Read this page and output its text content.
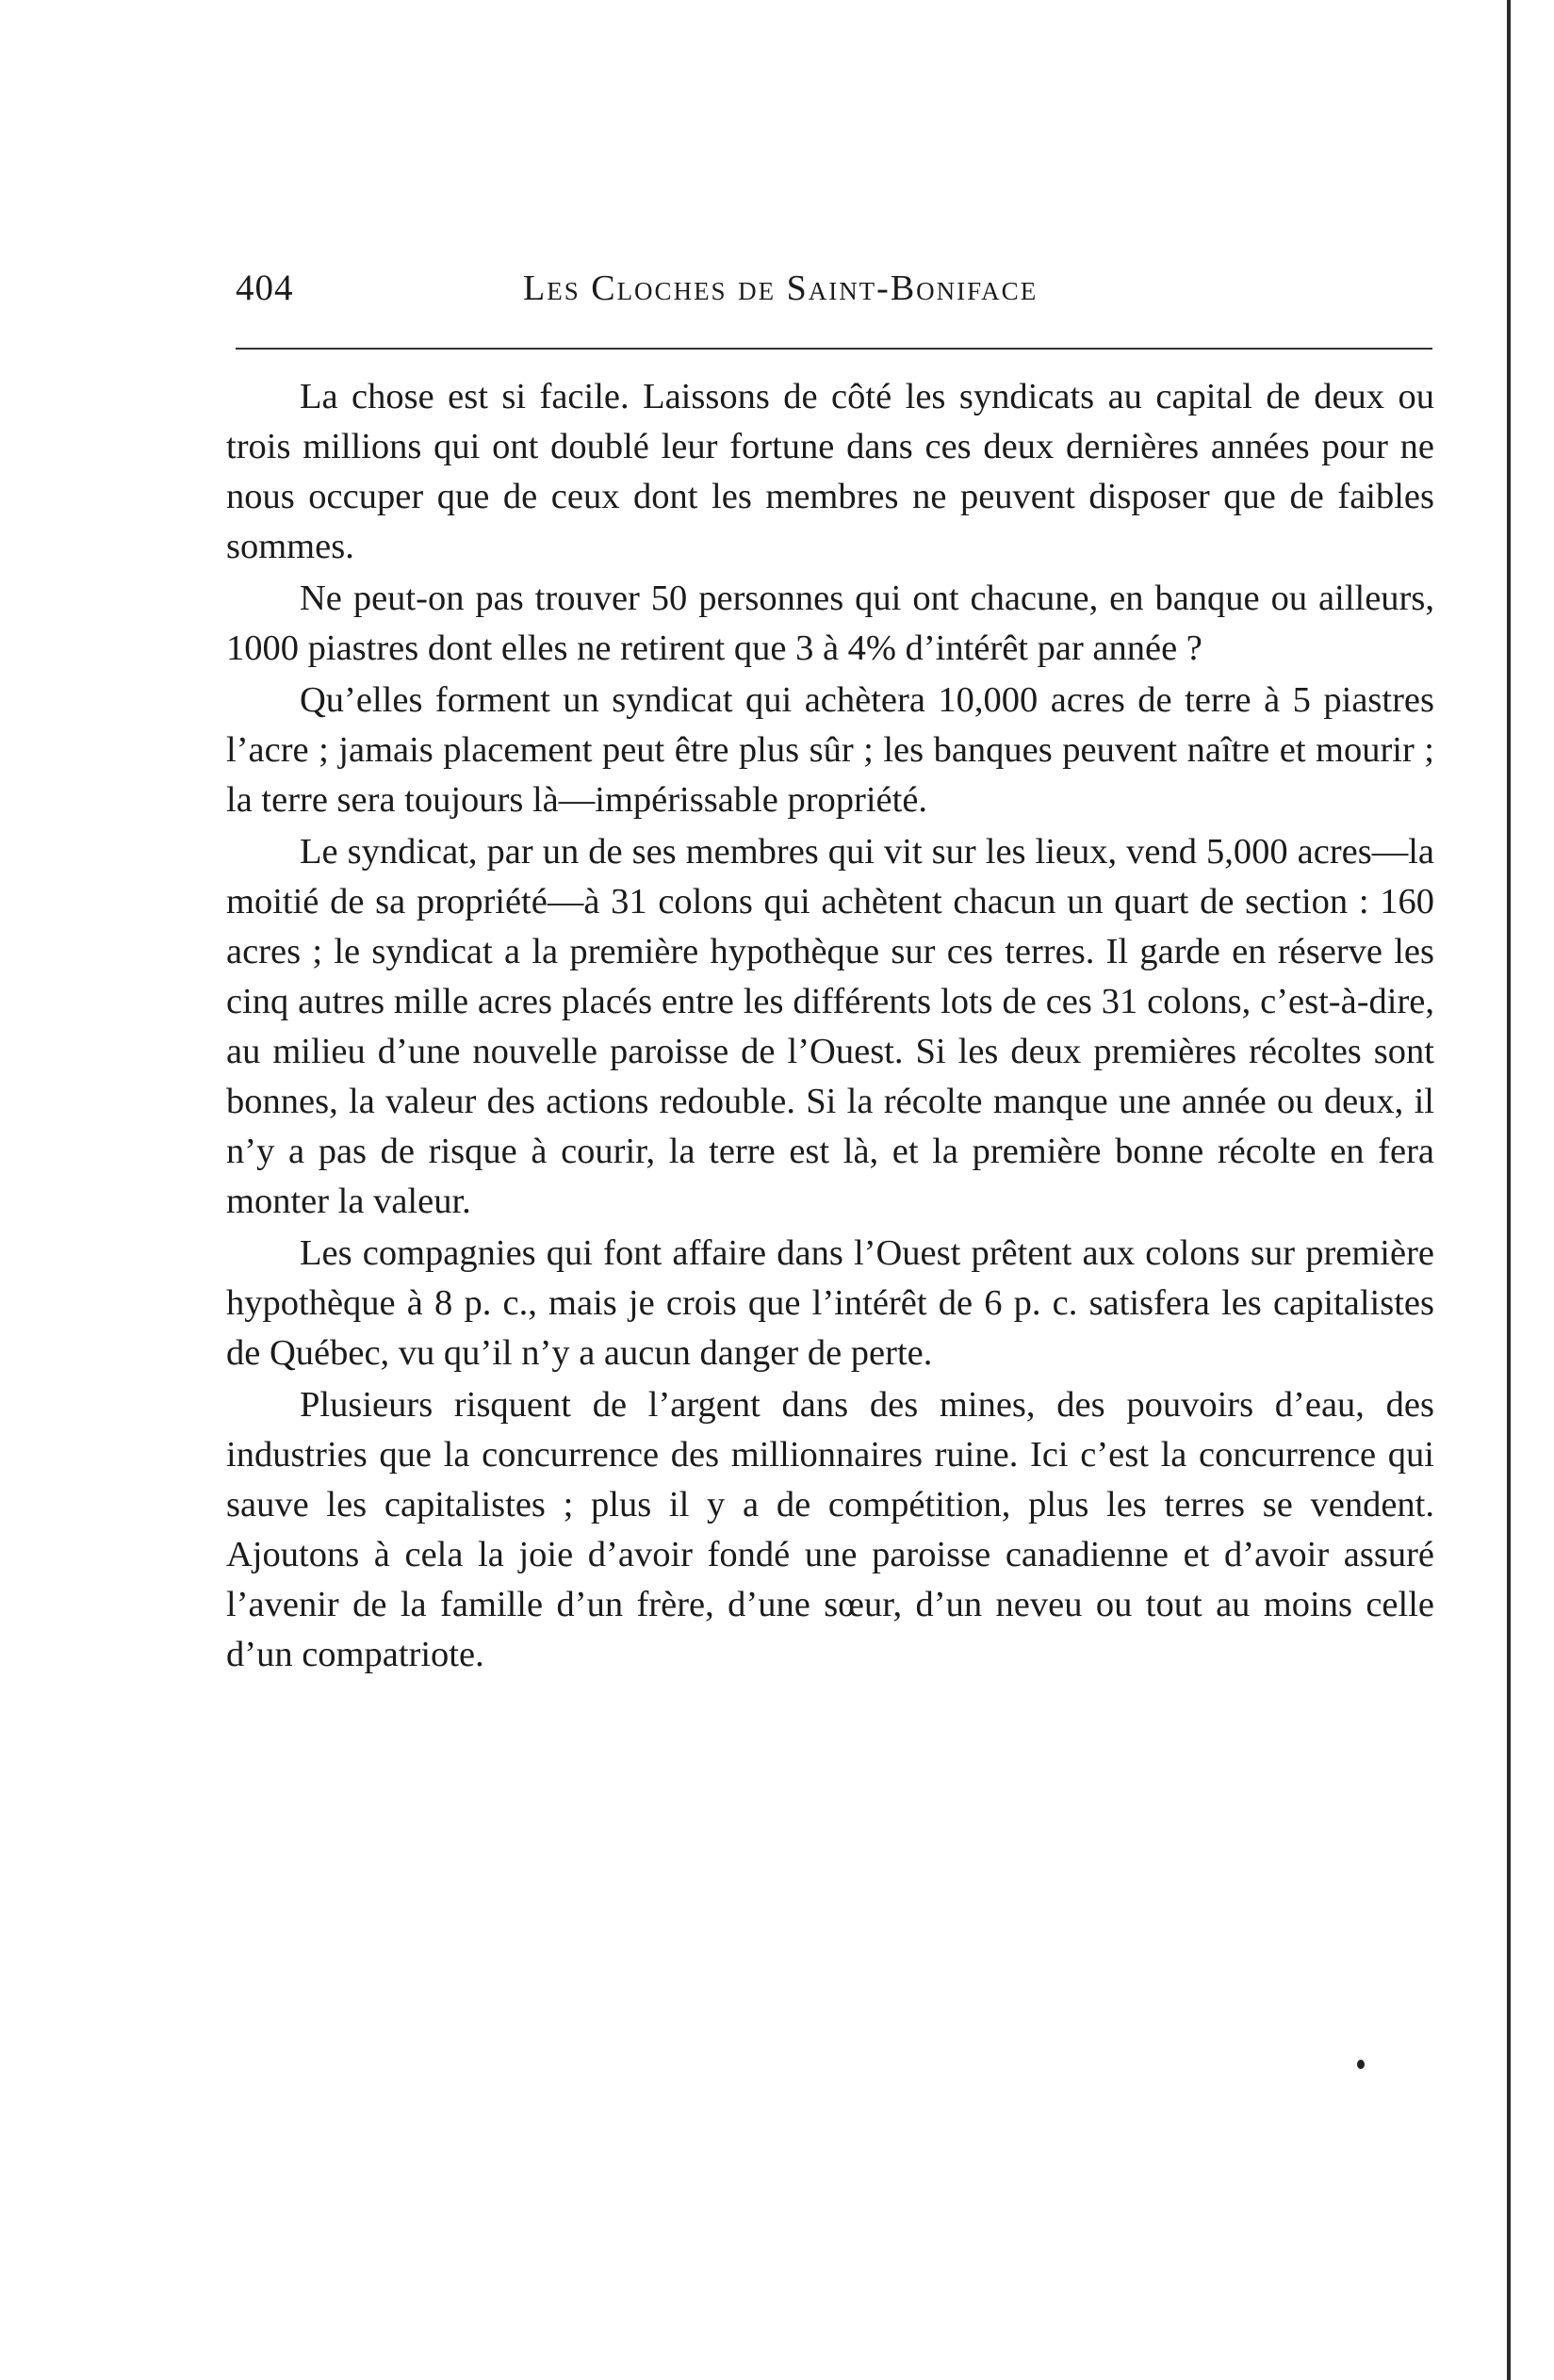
404	Les Cloches de Saint-Boniface

La chose est si facile. Laissons de côté les syndicats au capital de deux ou trois millions qui ont doublé leur fortune dans ces deux dernières années pour ne nous occuper que de ceux dont les membres ne peuvent disposer que de faibles sommes.

Ne peut-on pas trouver 50 personnes qui ont chacune, en banque ou ailleurs, 1000 piastres dont elles ne retirent que 3 à 4% d’intérêt par année ?

Qu’elles forment un syndicat qui achètera 10,000 acres de terre à 5 piastres l’acre ; jamais placement peut être plus sûr ; les banques peuvent naître et mourir ; la terre sera toujours là—impérissable propriété.

Le syndicat, par un de ses membres qui vit sur les lieux, vend 5,000 acres—la moitié de sa propriété—à 31 colons qui achètent chacun un quart de section : 160 acres ; le syndicat a la première hypothèque sur ces terres. Il garde en réserve les cinq autres mille acres placés entre les différents lots de ces 31 colons, c’est-à-dire, au milieu d’une nouvelle paroisse de l’Ouest. Si les deux premières récoltes sont bonnes, la valeur des actions redouble. Si la récolte manque une année ou deux, il n’y a pas de risque à courir, la terre est là, et la première bonne récolte en fera monter la valeur.

Les compagnies qui font affaire dans l’Ouest prêtent aux colons sur première hypothèque à 8 p. c., mais je crois que l’intérêt de 6 p. c. satisfera les capitalistes de Québec, vu qu’il n’y a aucun danger de perte.

Plusieurs risquent de l’argent dans des mines, des pouvoirs d’eau, des industries que la concurrence des millionnaires ruine. Ici c’est la concurrence qui sauve les capitalistes ; plus il y a de compétition, plus les terres se vendent. Ajoutons à cela la joie d’avoir fondé une paroisse canadienne et d’avoir assuré l’avenir de la famille d’un frère, d’une sœur, d’un neveu ou tout au moins celle d’un compatriote.
